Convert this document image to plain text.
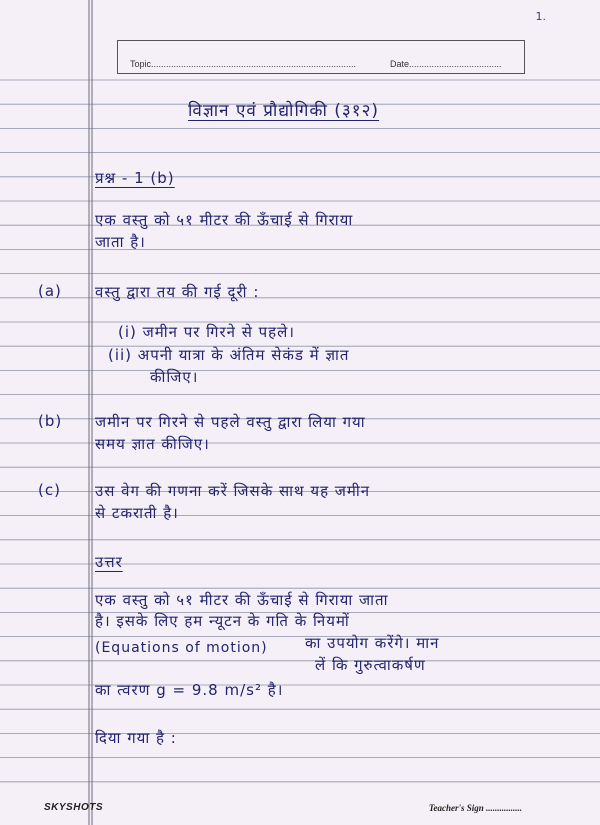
1.
Topic..................................................................................	Date.....................................
विज्ञान एवं प्रौद्योगिकी (३१२)
प्रश्न - 1 (b)
एक वस्तु को ५१ मीटर की ऊँचाई से गिराया
जाता है।
(a) वस्तु द्वारा तय की गई दूरी :
(i) जमीन पर गिरने से पहले।
(ii) अपनी यात्रा के अंतिम सेकंड में ज्ञात
कीजिए।
(b) जमीन पर गिरने से पहले वस्तु द्वारा लिया गया
समय ज्ञात कीजिए।
(c) उस वेग की गणना करें जिसके साथ यह जमीन
से टकराती है।
उत्तर
एक वस्तु को ५१ मीटर की ऊँचाई से गिराया जाता
है। इसके लिए हम न्यूटन के गति के नियमों
(Equations of motion) का उपयोग करेंगे। मान
लें कि गुरुत्वाकर्षण
का त्वरण g = 9.8 m/s² है।
दिया गया है :
SKYSHOTS	Teacher's Sign ................
